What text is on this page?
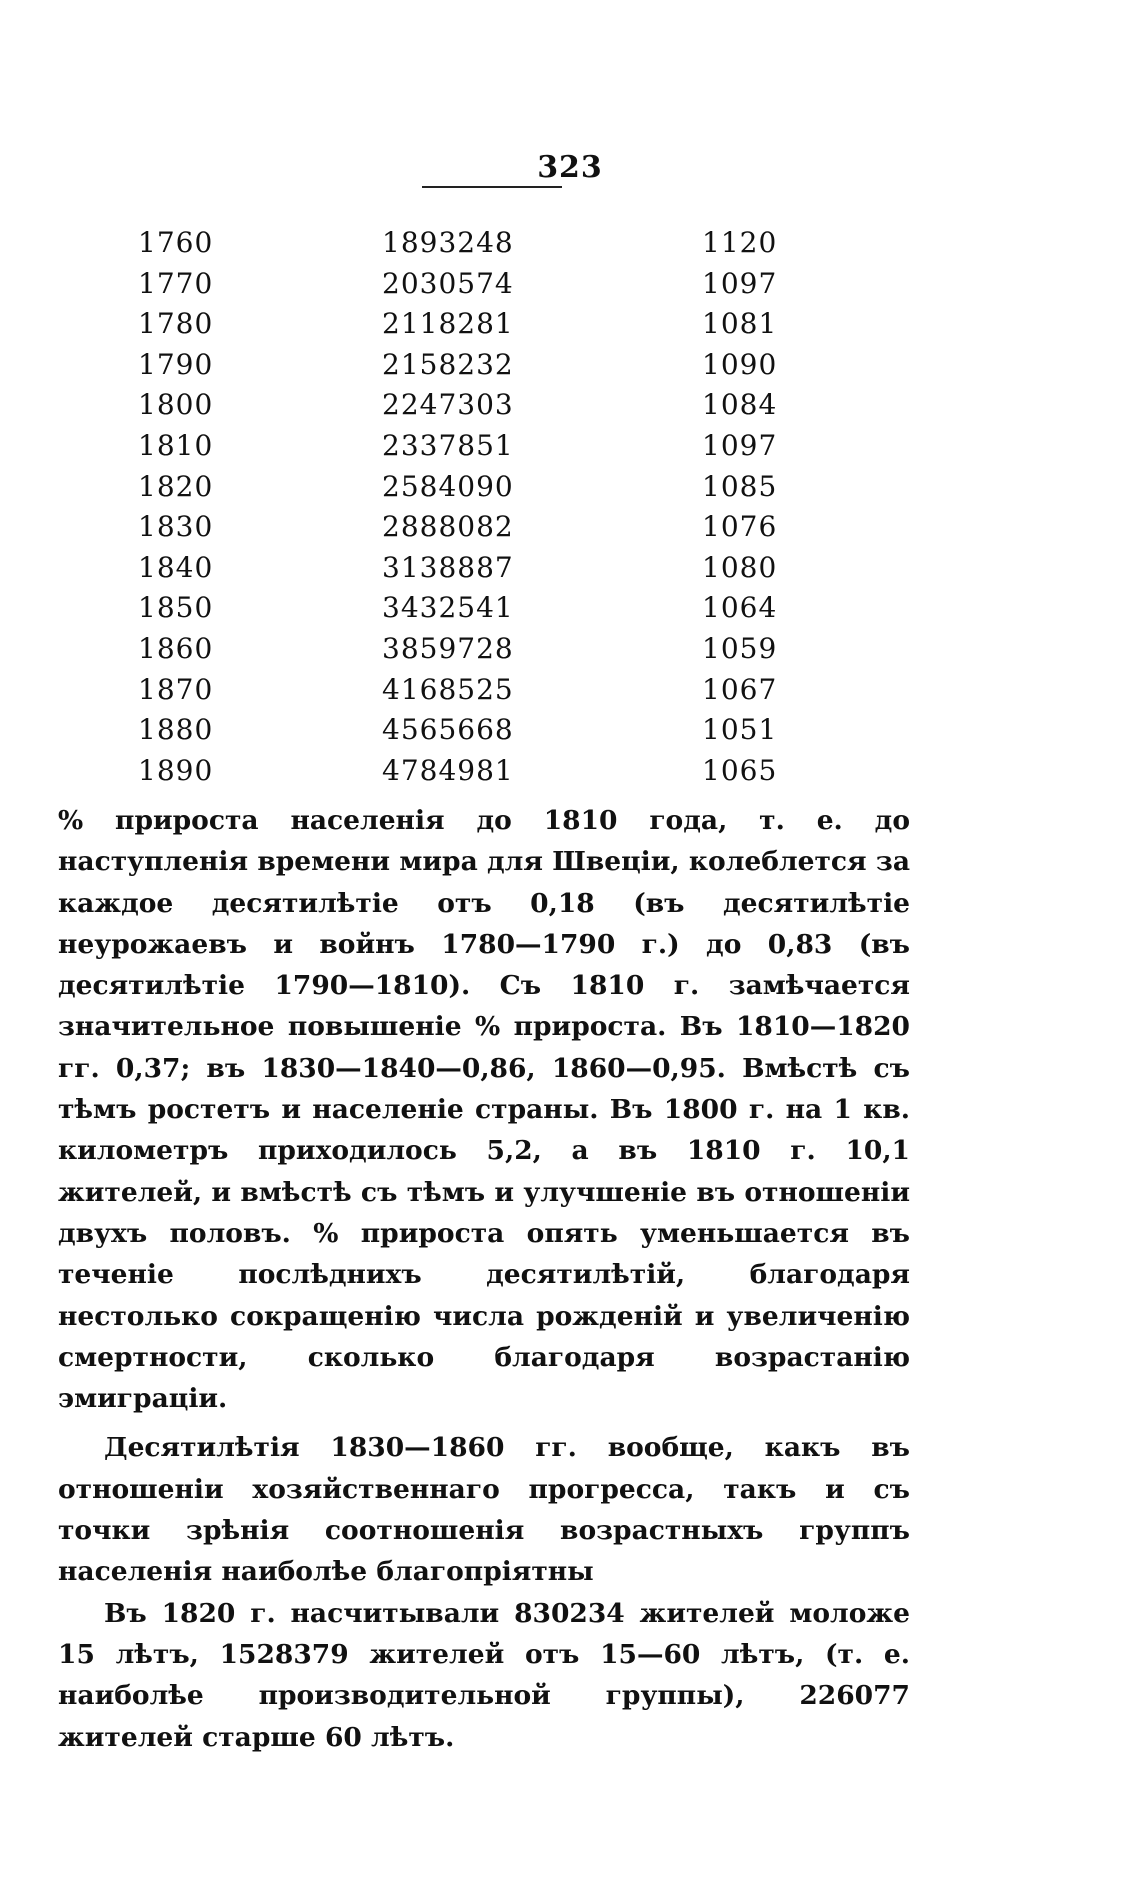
323
1760	1893248	1120
1770	2030574	1097
1780	2118281	1081
1790	2158232	1090
1800	2247303	1084
1810	2337851	1097
1820	2584090	1085
1830	2888082	1076
1840	3138887	1080
1850	3432541	1064
1860	3859728	1059
1870	4168525	1067
1880	4565668	1051
1890	4784981	1065

% прироста населенія до 1810 года, т. е. до наступленія времени мира для Швеціи, колеблется за каждое десятилѣтіе отъ 0,18 (въ десятилѣтіе неурожаевъ и войнъ 1780—1790 г.) до 0,83 (въ десятилѣтіе 1790—1810). Съ 1810 г. замѣчается значительное повышеніе % прироста. Въ 1810—1820 гг. 0,37; въ 1830—1840—0,86, 1860—0,95. Вмѣстѣ съ тѣмъ ростетъ и населеніе страны. Въ 1800 г. на 1 кв. километръ приходилось 5,2, а въ 1810 г. 10,1 жителей, и вмѣстѣ съ тѣмъ и улучшеніе въ отношеніи двухъ половъ. % прироста опять уменьшается въ теченіе послѣднихъ десятилѣтій, благодаря нестолько сокращенію числа рожденій и увеличенію смертности, сколько благодаря возрастанію эмиграціи.

Десятилѣтія 1830—1860 гг. вообще, какъ въ отношеніи хозяйственнаго прогресса, такъ и съ точки зрѣнія соотношенія возрастныхъ группъ населенія наиболѣе благопріятны

Въ 1820 г. насчитывали 830234 жителей моложе 15 лѣтъ, 1528379 жителей отъ 15—60 лѣтъ, (т. е. наиболѣе производительной группы), 226077 жителей старше 60 лѣтъ.
